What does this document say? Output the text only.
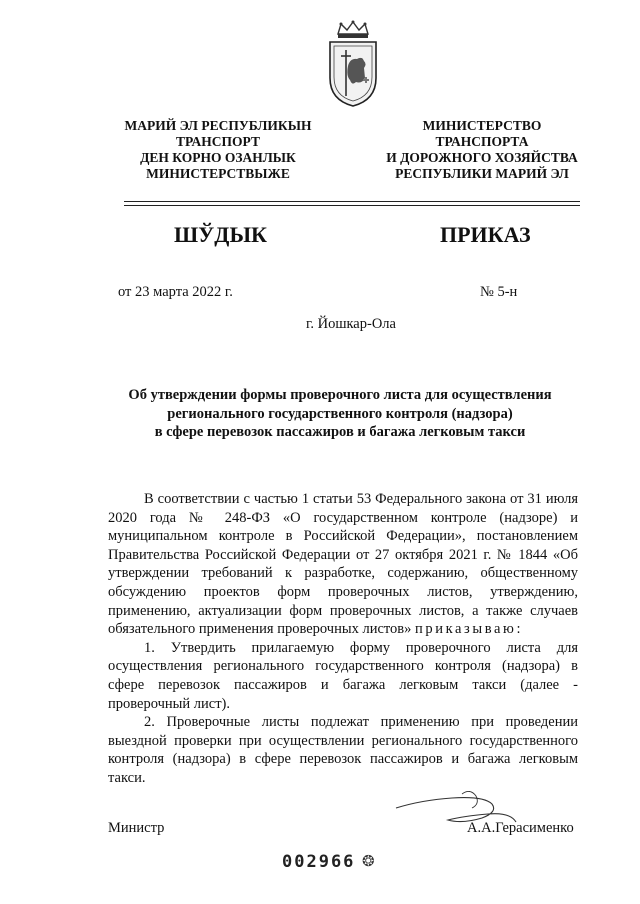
МАРИЙ ЭЛ РЕСПУБЛИКЫН
ТРАНСПОРТ
ДЕН КОРНО ОЗАНЛЫК
МИНИСТЕРСТВЫЖЕ
МИНИСТЕРСТВО
ТРАНСПОРТА
И ДОРОЖНОГО ХОЗЯЙСТВА
РЕСПУБЛИКИ МАРИЙ ЭЛ
ШЎДЫК	ПРИКАЗ
от 23 марта 2022 г.	№ 5-н
г. Йошкар-Ола
Об утверждении формы проверочного листа для осуществления
регионального государственного контроля (надзора)
в сфере перевозок пассажиров и багажа легковым такси

В соответствии с частью 1 статьи 53 Федерального закона от 31 июля 2020 года № 248-ФЗ «О государственном контроле (надзоре) и муниципальном контроле в Российской Федерации», постановлением Правительства Российской Федерации от 27 октября 2021 г. № 1844 «Об утверждении требований к разработке, содержанию, общественному обсуждению проектов форм проверочных листов, утверждению, применению, актуализации форм проверочных листов, а также случаев обязательного применения проверочных листов» приказываю:

1. Утвердить прилагаемую форму проверочного листа для осуществления регионального государственного контроля (надзора) в сфере перевозок пассажиров и багажа легковым такси (далее - проверочный лист).

2. Проверочные листы подлежат применению при проведении выездной проверки при осуществлении регионального государственного контроля (надзора) в сфере перевозок пассажиров и багажа легковым такси.

Министр	А.А.Герасименко
002966 ❂
